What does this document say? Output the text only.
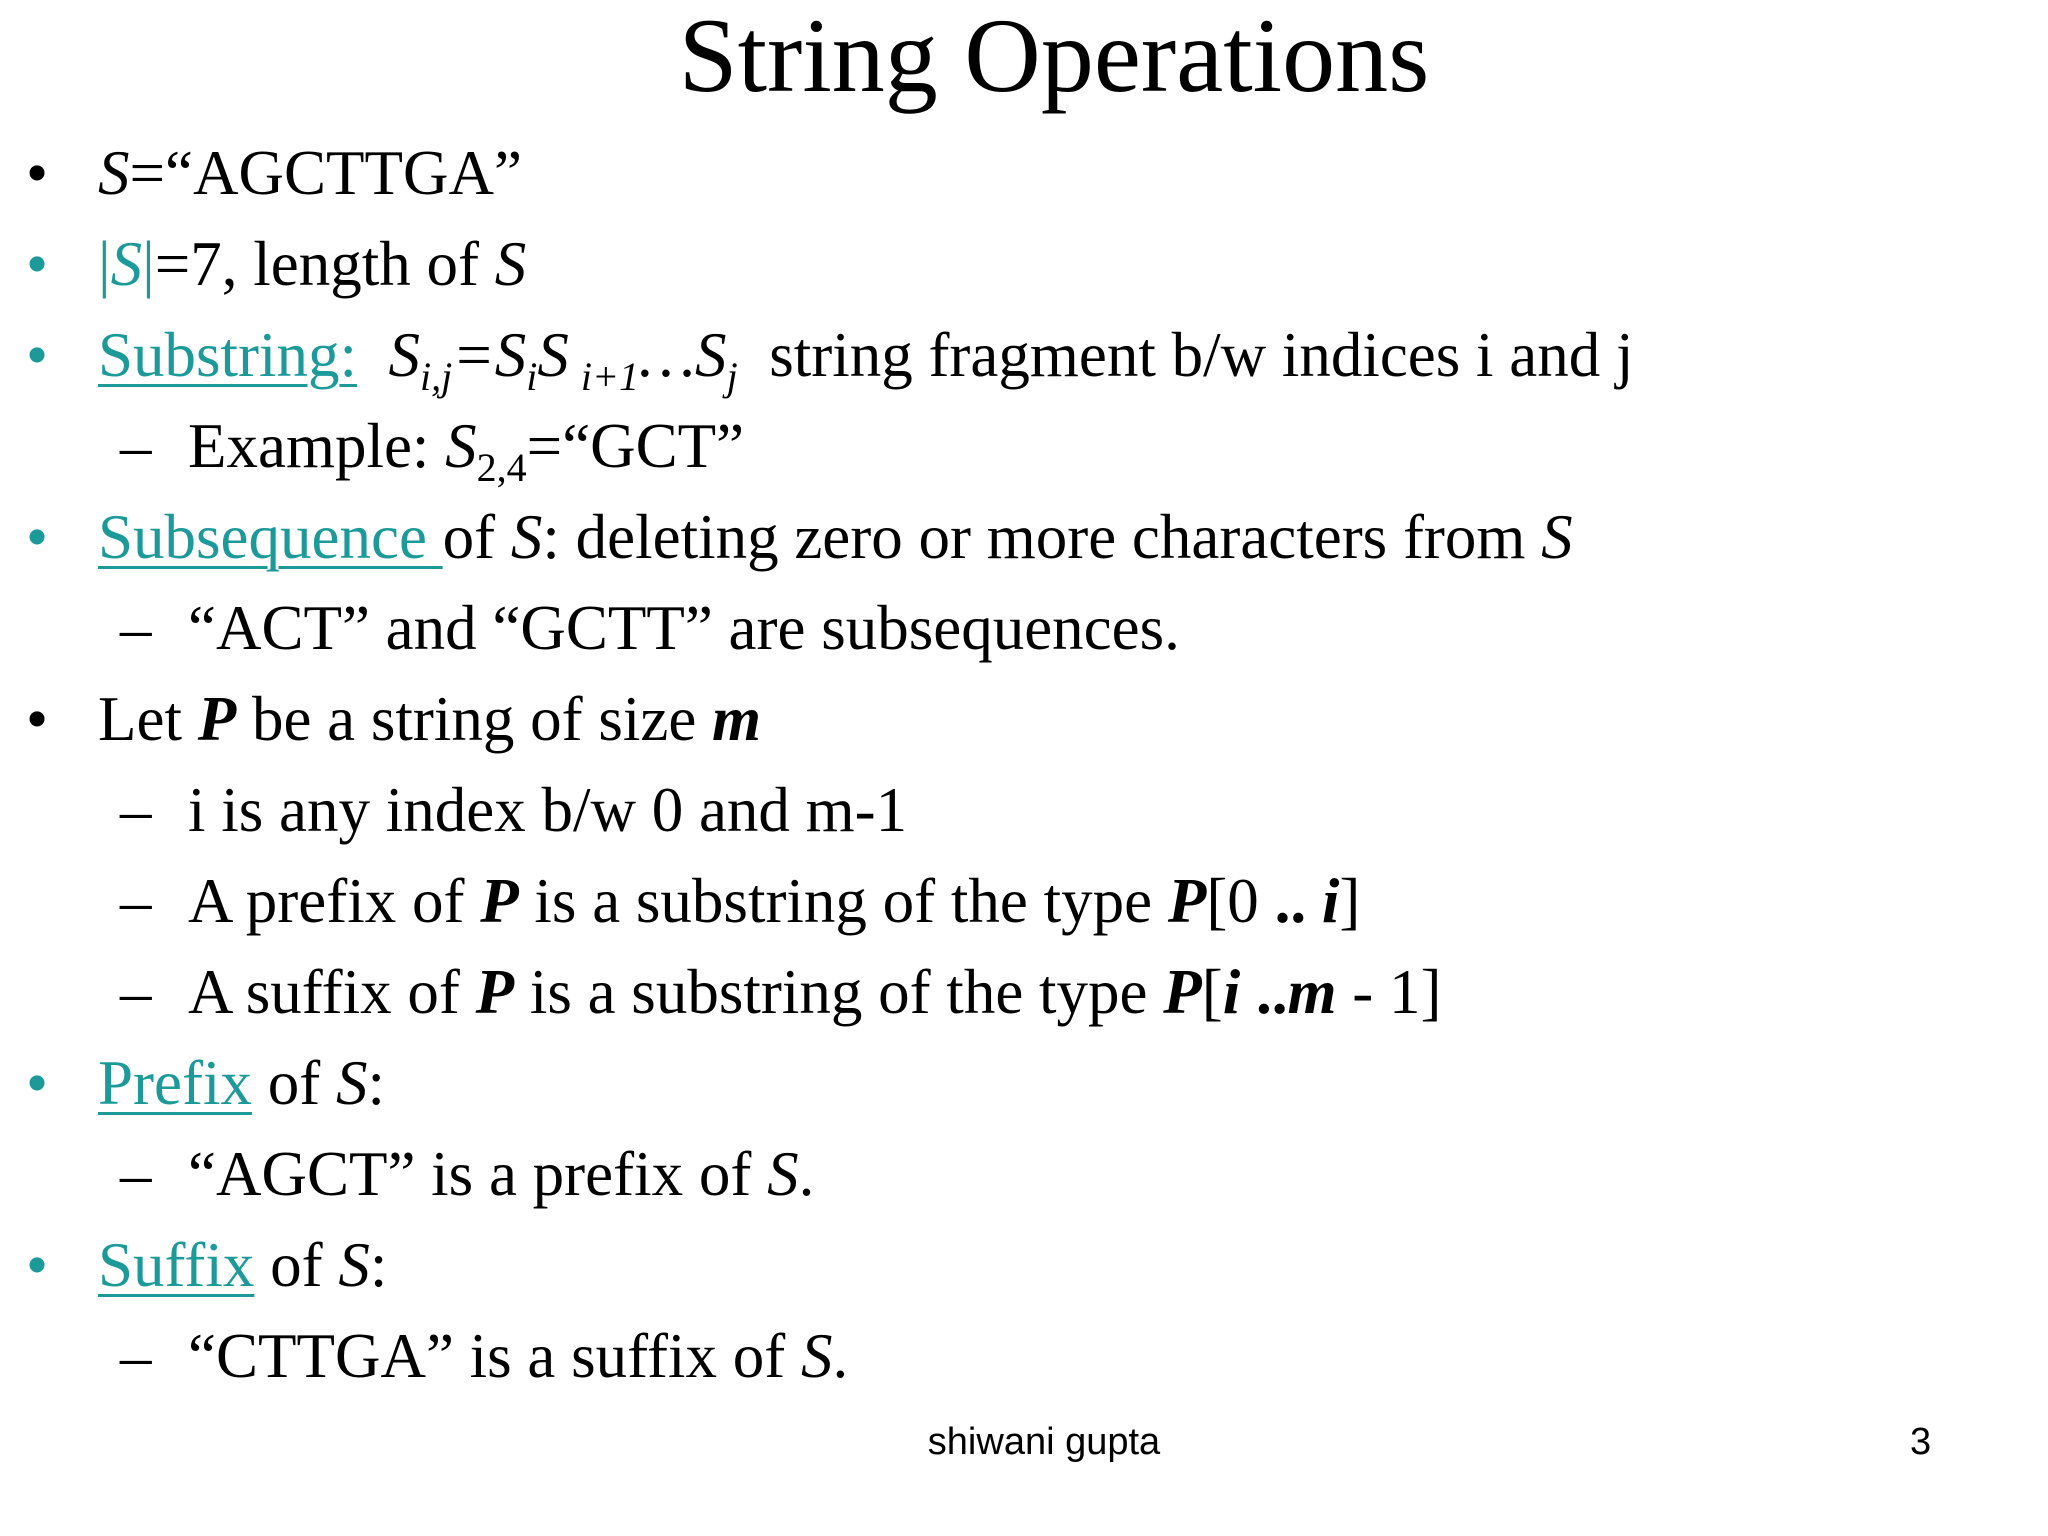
String Operations
• S=“AGCTTGA”
• |S|=7, length of S
• Substring: $S_{i,j}=S_iS$ $_{i+1}\dots S_j$ string fragment b/w indices i and j
– Example: $S_{2,4}=“GCT$”
• Subsequence of S: deleting zero or more characters from S
– “ACT” and “GCTT” are subsequences.
• Let P be a string of size m
– i is any index b/w 0 and m-1
– A prefix of P is a substring of the type P[0 .. i]
– A suffix of P is a substring of the type P[i ..m - 1]
• Prefix of S:
– “AGCT” is a prefix of S.
• Suffix of S:
– “CTTGA” is a suffix of S.
shiwani gupta	3
